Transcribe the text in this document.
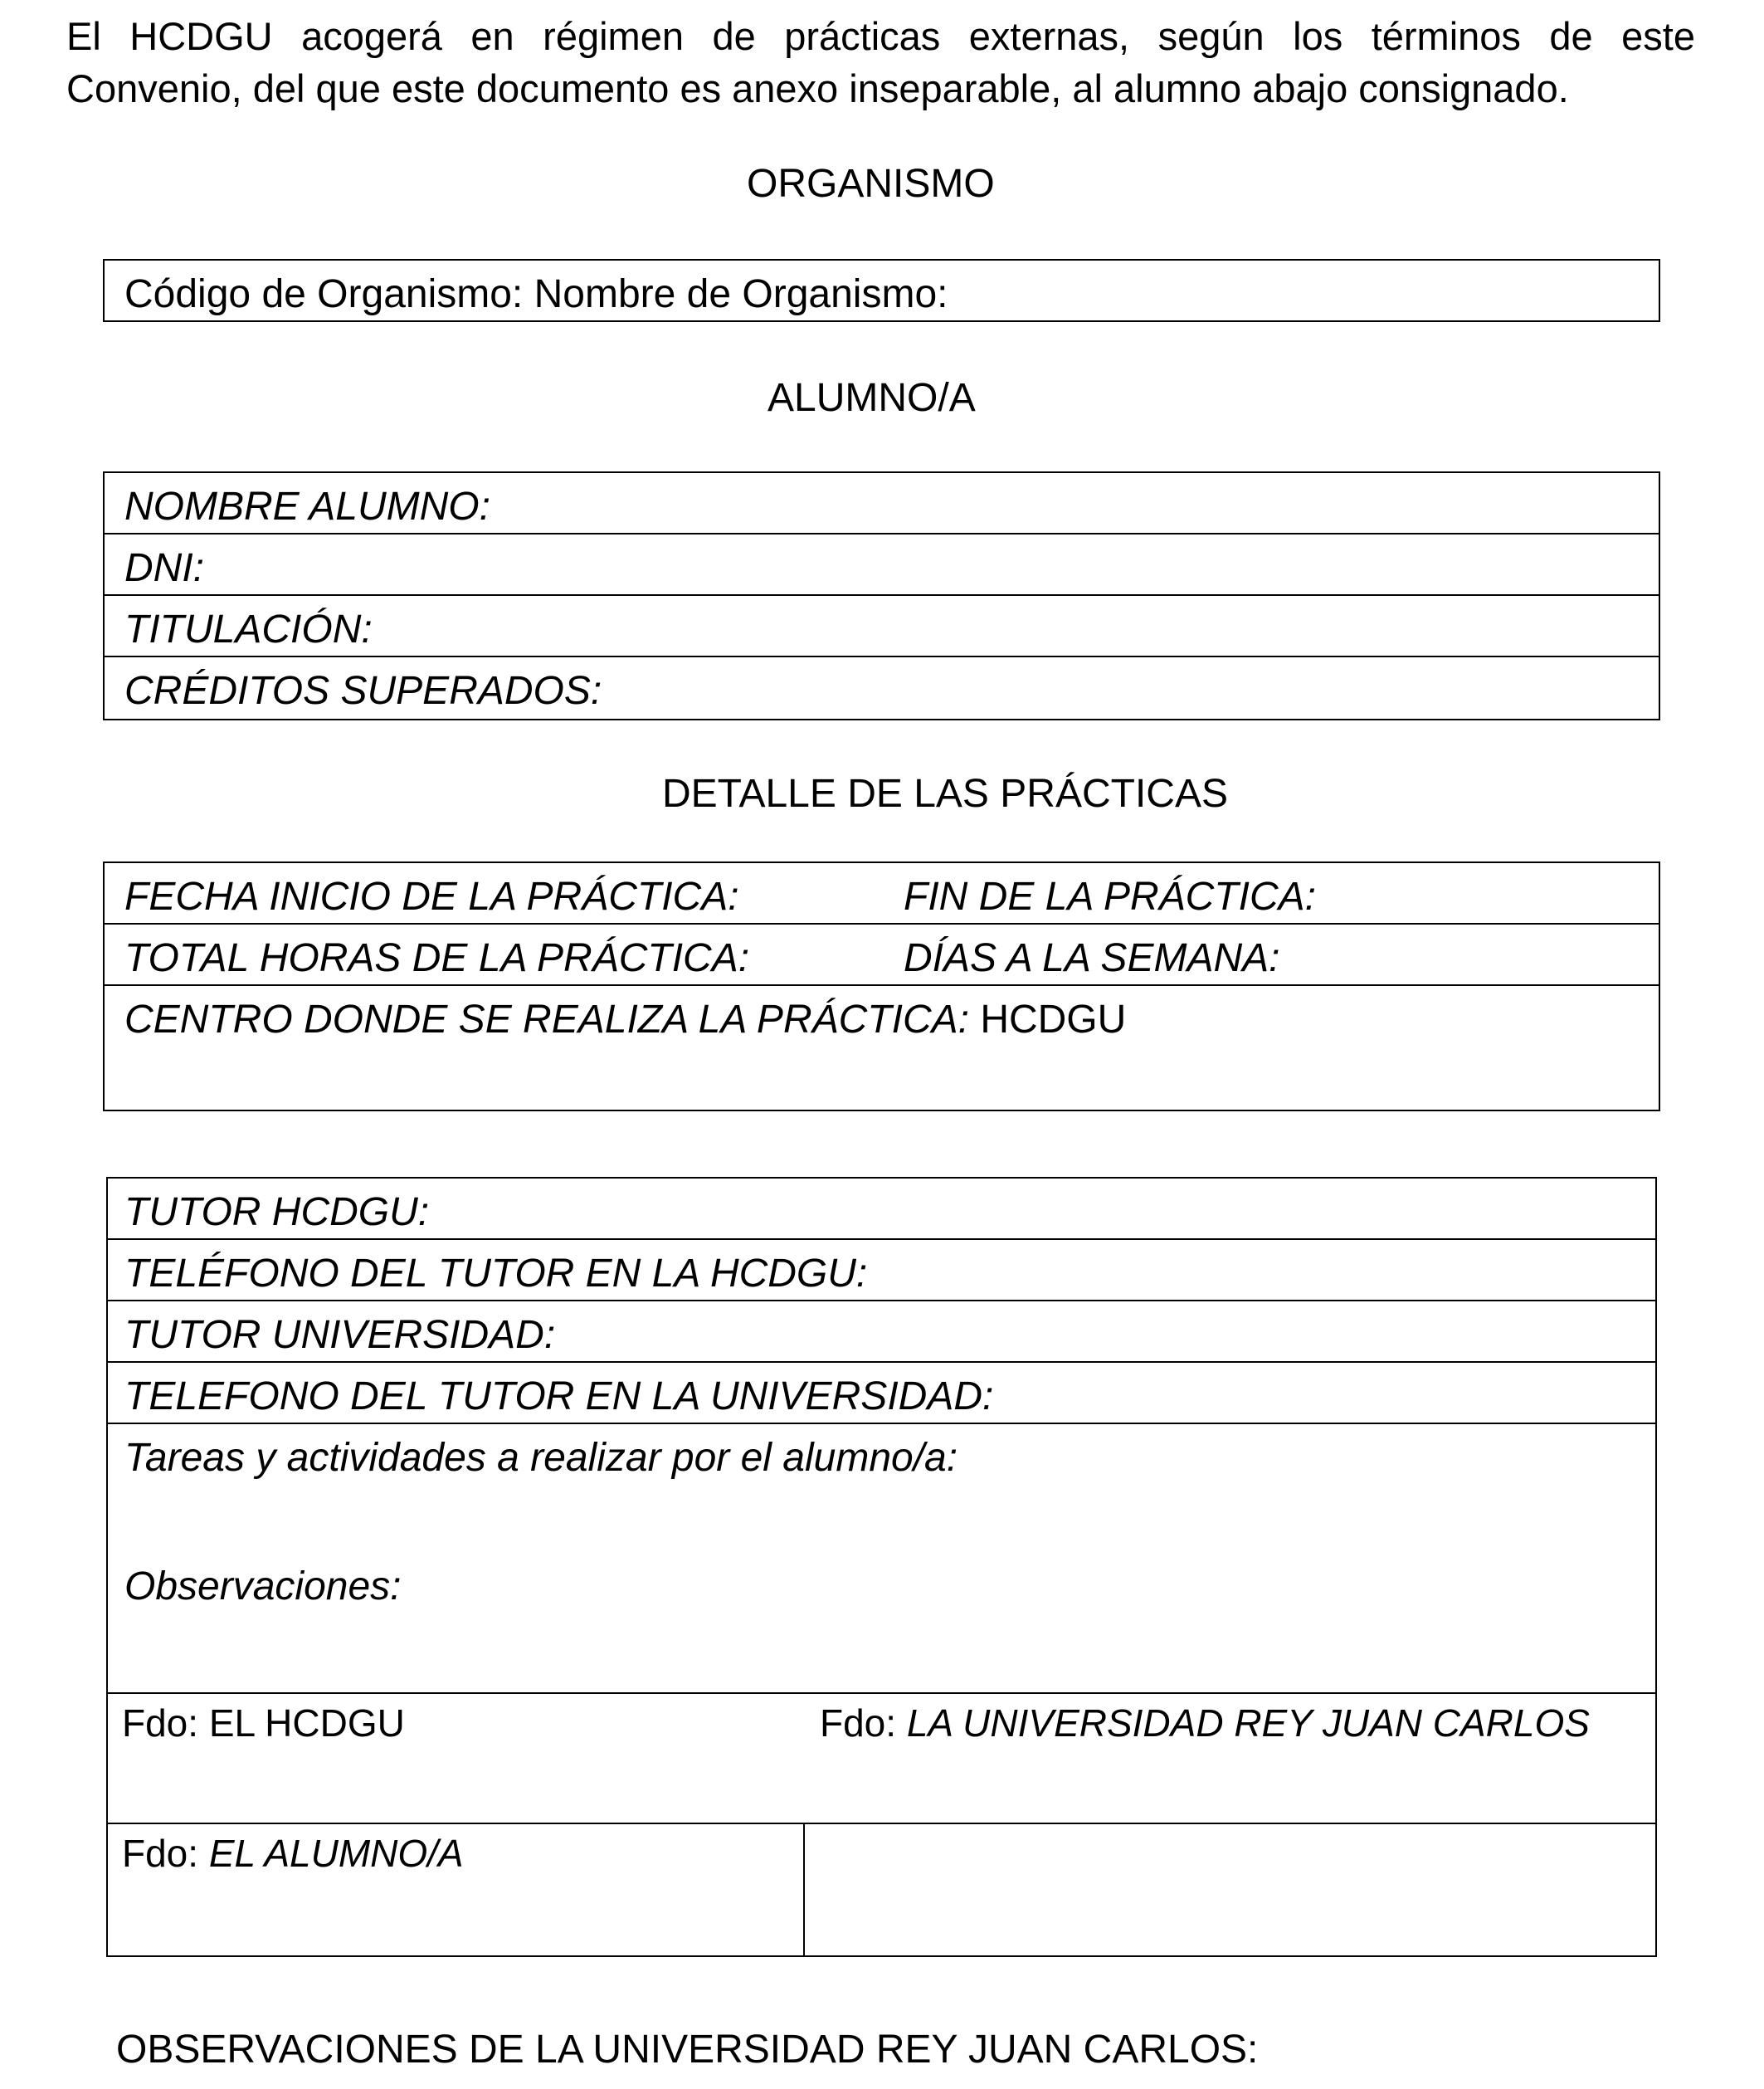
El HCDGU acogerá en régimen de prácticas externas, según los términos de este
Convenio, del que este documento es anexo inseparable, al alumno abajo consignado.
ORGANISMO
Código de Organismo: Nombre de Organismo:
ALUMNO/A
NOMBRE ALUMNO:
DNI:
TITULACIÓN:
CRÉDITOS SUPERADOS:
DETALLE DE LAS PRÁCTICAS
FECHA INICIO DE LA PRÁCTICA:	FIN DE LA PRÁCTICA:
TOTAL HORAS DE LA PRÁCTICA:	DÍAS A LA SEMANA:
CENTRO DONDE SE REALIZA LA PRÁCTICA: HCDGU
TUTOR HCDGU:
TELÉFONO DEL TUTOR EN LA HCDGU:
TUTOR UNIVERSIDAD:
TELEFONO DEL TUTOR EN LA UNIVERSIDAD:
Tareas y actividades a realizar por el alumno/a:
Observaciones:
Fdo: EL HCDGU	Fdo: LA UNIVERSIDAD REY JUAN CARLOS
Fdo: EL ALUMNO/A
OBSERVACIONES DE LA UNIVERSIDAD REY JUAN CARLOS:
